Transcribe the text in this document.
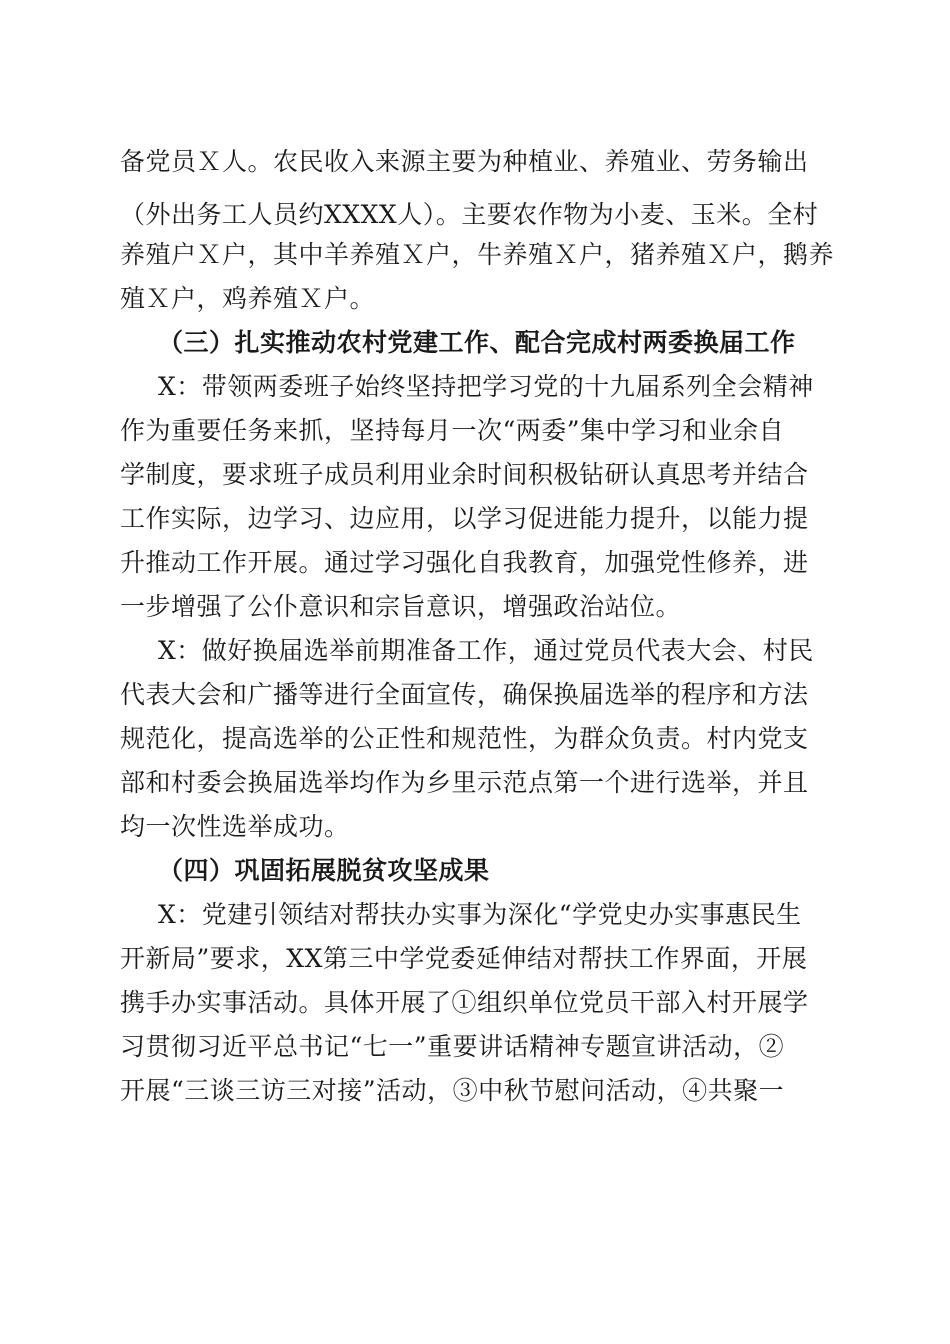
备党员Ｘ人。农民收入来源主要为种植业、养殖业、劳务输出
（外出务工人员约XXXX人）。主要农作物为小麦、玉米。全村
养殖户Ｘ户，其中羊养殖Ｘ户，牛养殖Ｘ户，猪养殖Ｘ户，鹅养
殖Ｘ户，鸡养殖Ｘ户。
（三）扎实推动农村党建工作、配合完成村两委换届工作
X：带领两委班子始终坚持把学习党的十九届系列全会精神
作为重要任务来抓，坚持每月一次“两委”集中学习和业余自
学制度，要求班子成员利用业余时间积极钻研认真思考并结合
工作实际，边学习、边应用，以学习促进能力提升，以能力提
升推动工作开展。通过学习强化自我教育，加强党性修养，进
一步增强了公仆意识和宗旨意识，增强政治站位。
X：做好换届选举前期准备工作，通过党员代表大会、村民
代表大会和广播等进行全面宣传，确保换届选举的程序和方法
规范化，提高选举的公正性和规范性，为群众负责。村内党支
部和村委会换届选举均作为乡里示范点第一个进行选举，并且
均一次性选举成功。
（四）巩固拓展脱贫攻坚成果
X：党建引领结对帮扶办实事为深化“学党史办实事惠民生
开新局”要求，XX第三中学党委延伸结对帮扶工作界面，开展
携手办实事活动。具体开展了①组织单位党员干部入村开展学
习贯彻习近平总书记“七一”重要讲话精神专题宣讲活动，②
开展“三谈三访三对接”活动，③中秋节慰问活动，④共聚一
